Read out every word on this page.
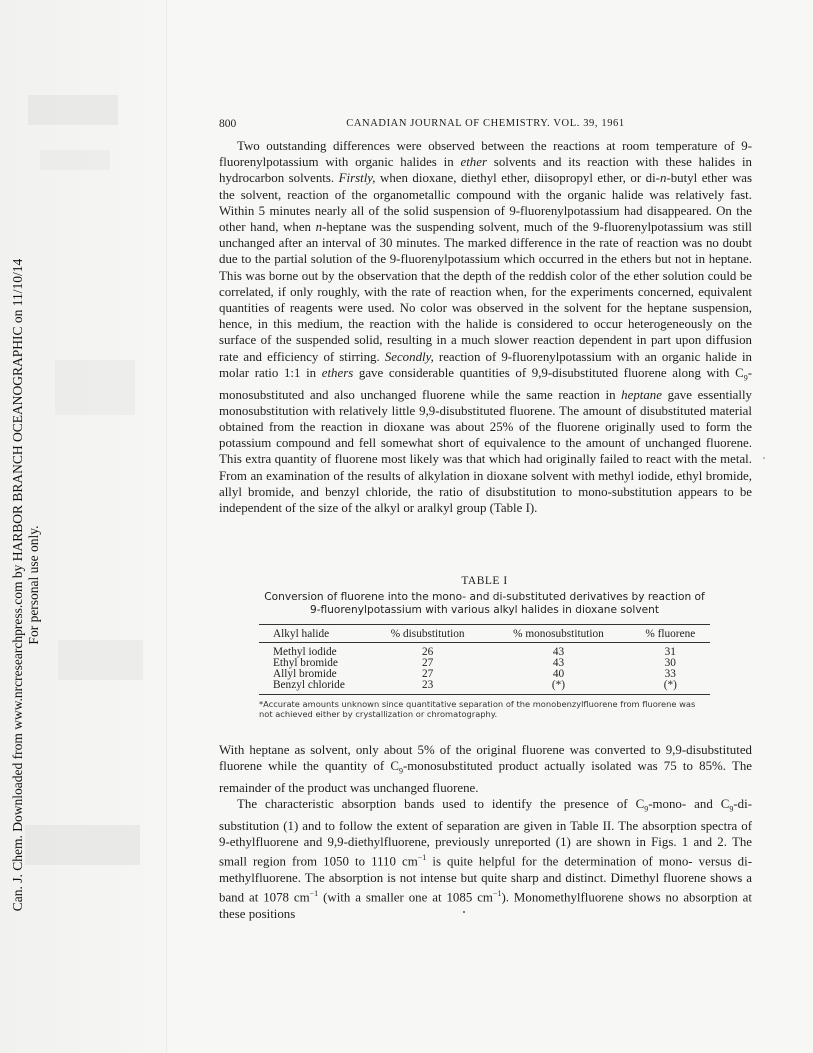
Can. J. Chem. Downloaded from www.nrcresearchpress.com by HARBOR BRANCH OCEANOGRAPHIC on 11/10/14 For personal use only.
800	CANADIAN JOURNAL OF CHEMISTRY. VOL. 39, 1961

Two outstanding differences were observed between the reactions at room temperature of 9-fluorenylpotassium with organic halides in ether solvents and its reaction with these halides in hydrocarbon solvents. Firstly, when dioxane, diethyl ether, diisopropyl ether, or di-n-butyl ether was the solvent, reaction of the organometallic compound with the organic halide was relatively fast. Within 5 minutes nearly all of the solid suspension of 9-fluorenylpotassium had disappeared. On the other hand, when n-heptane was the suspending solvent, much of the 9-fluorenylpotassium was still unchanged after an interval of 30 minutes. The marked difference in the rate of reaction was no doubt due to the partial solution of the 9-fluorenylpotassium which occurred in the ethers but not in heptane. This was borne out by the observation that the depth of the reddish color of the ether solution could be correlated, if only roughly, with the rate of reaction when, for the experiments concerned, equivalent quantities of reagents were used. No color was observed in the solvent for the heptane suspension, hence, in this medium, the reaction with the halide is considered to occur heterogeneously on the surface of the suspended solid, resulting in a much slower reaction dependent in part upon diffusion rate and efficiency of stirring. Secondly, reaction of 9-fluorenylpotassium with an organic halide in molar ratio 1:1 in ethers gave considerable quantities of 9,9-disubstituted fluorene along with $C_9$-monosubstituted and also unchanged fluorene while the same reaction in heptane gave essentially monosubstitution with relatively little 9,9-disubstituted fluorene. The amount of disubstituted material obtained from the reaction in dioxane was about 25% of the fluorene originally used to form the potassium compound and fell somewhat short of equivalence to the amount of unchanged fluorene. This extra quantity of fluorene most likely was that which had originally failed to react with the metal. From an examination of the results of alkylation in dioxane solvent with methyl iodide, ethyl bromide, allyl bromide, and benzyl chloride, the ratio of disubstitution to mono-substitution appears to be independent of the size of the alkyl or aralkyl group (Table I).

TABLE I
Conversion of fluorene into the mono- and di-substituted derivatives by reaction of
9-fluorenylpotassium with various alkyl halides in dioxane solvent
Alkyl halide	% disubstitution	% monosubstitution	% fluorene
Methyl iodide	26	43	31
Ethyl bromide	27	43	30
Allyl bromide	27	40	33
Benzyl chloride	23	(*)	(*)
*Accurate amounts unknown since quantitative separation of the monobenzylfluorene from fluorene was not achieved either by crystallization or chromatography.

With heptane as solvent, only about 5% of the original fluorene was converted to 9,9-disubstituted fluorene while the quantity of $C_9$-monosubstituted product actually isolated was 75 to 85%. The remainder of the product was unchanged fluorene.

The characteristic absorption bands used to identify the presence of $C_9-mono-$ and $C_9-di$-substitution (1) and to follow the extent of separation are given in Table II. The absorption spectra of 9-ethylfluorene and 9,9-diethylfluorene, previously unreported (1) are shown in Figs. 1 and 2. The small region from 1050 to 1110 $cm^{-1}$ is quite helpful for the determination of mono- versus di-methylfluorene. The absorption is not intense but quite sharp and distinct. Dimethyl fluorene shows a band at 1078 $cm^{-1}$ (with a smaller one at 1085 $cm^{-1}$). Monomethylfluorene shows no absorption at these positions
